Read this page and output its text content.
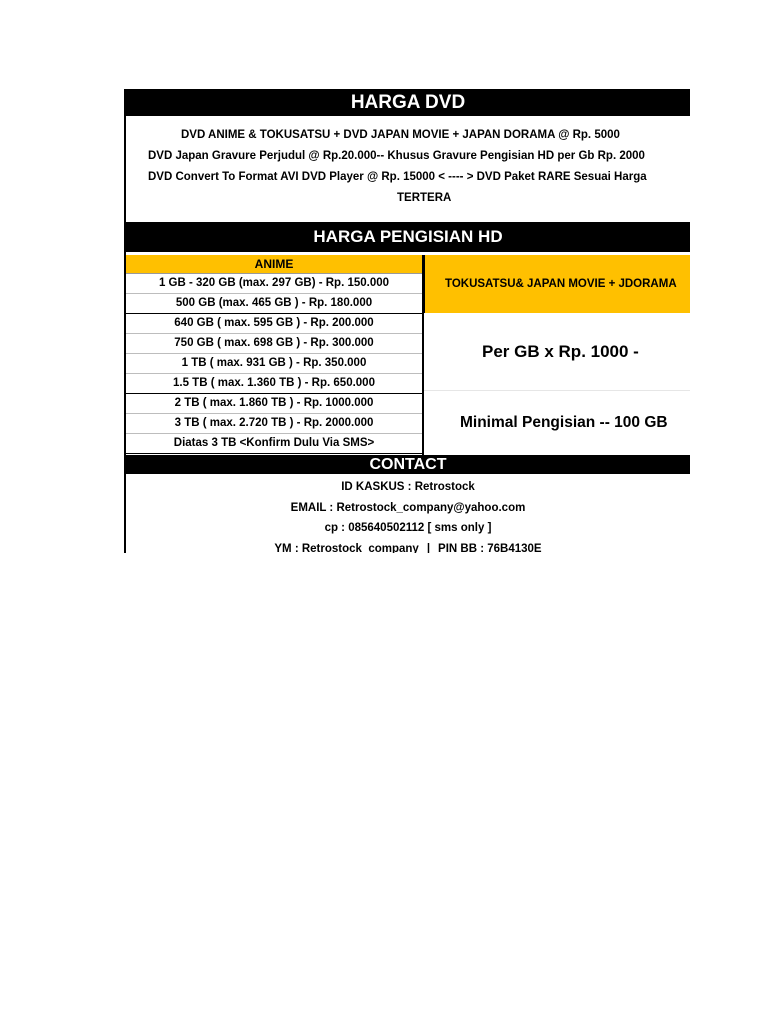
HARGA DVD
DVD ANIME & TOKUSATSU + DVD JAPAN MOVIE + JAPAN DORAMA @ Rp. 5000
DVD Japan Gravure Perjudul @ Rp.20.000-- Khusus Gravure Pengisian HD per Gb Rp. 2000
DVD Convert To Format AVI DVD Player @ Rp. 15000 < ---- > DVD Paket RARE Sesuai Harga
TERTERA
HARGA PENGISIAN HD
ANIME
1 GB - 320 GB (max. 297 GB) - Rp. 150.000
500 GB (max. 465 GB ) - Rp. 180.000
640 GB ( max. 595 GB ) - Rp. 200.000
750 GB ( max. 698 GB ) - Rp. 300.000
1 TB ( max. 931 GB ) - Rp. 350.000
1.5 TB ( max. 1.360 TB ) - Rp. 650.000
2 TB ( max. 1.860 TB ) - Rp. 1000.000
3 TB ( max. 2.720 TB ) - Rp. 2000.000
Diatas 3 TB <Konfirm Dulu Via SMS>
TOKUSATSU& JAPAN MOVIE + JDORAMA
Per GB x Rp. 1000 -
Minimal Pengisian -- 100 GB
CONTACT
ID KASKUS : Retrostock
EMAIL : Retrostock_company@yahoo.com
cp : 085640502112 [ sms only ]
YM : Retrostock_company | PIN BB : 76B4130E
